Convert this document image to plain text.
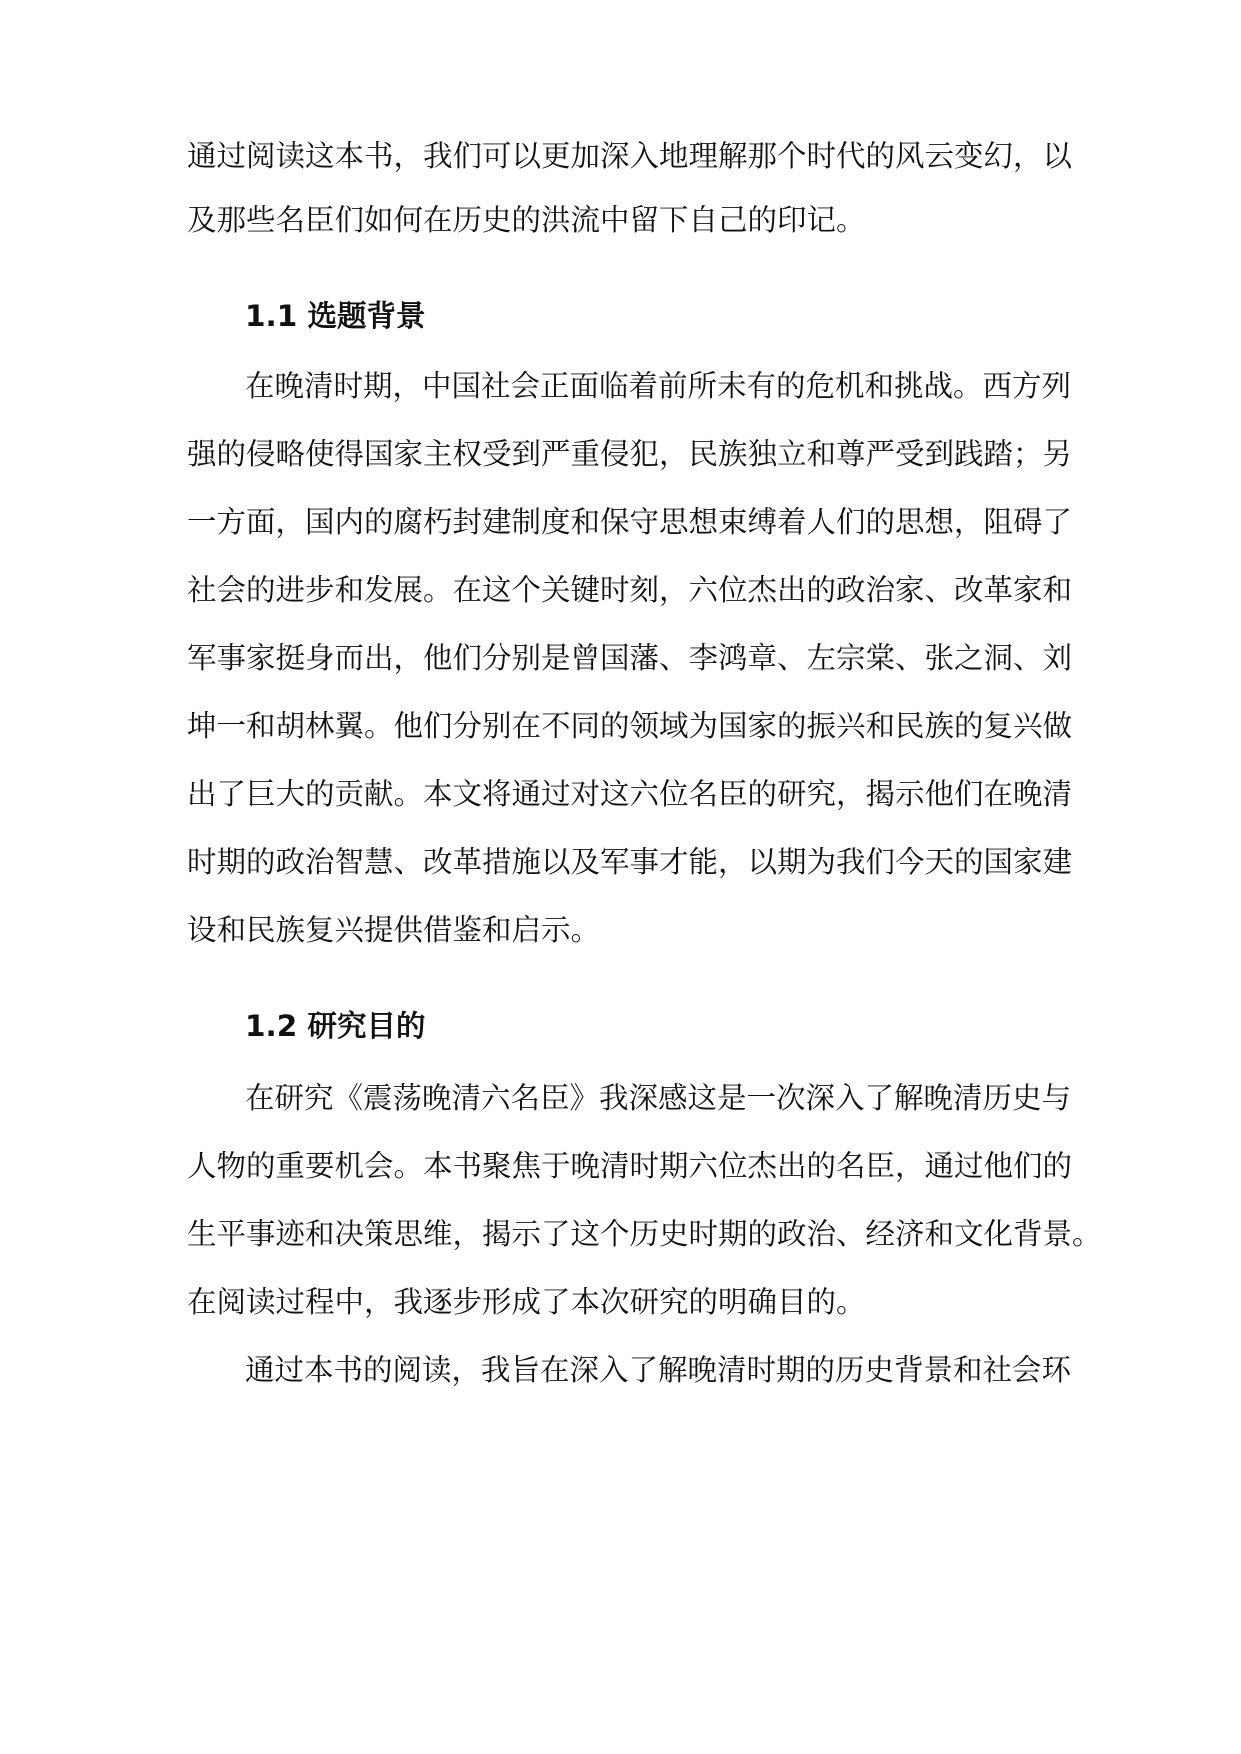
通过阅读这本书，我们可以更加深入地理解那个时代的风云变幻，以
及那些名臣们如何在历史的洪流中留下自己的印记。
1.1 选题背景
在晚清时期，中国社会正面临着前所未有的危机和挑战。西方列
强的侵略使得国家主权受到严重侵犯，民族独立和尊严受到践踏；另
一方面，国内的腐朽封建制度和保守思想束缚着人们的思想，阻碍了
社会的进步和发展。在这个关键时刻，六位杰出的政治家、改革家和
军事家挺身而出，他们分别是曾国藩、李鸿章、左宗棠、张之洞、刘
坤一和胡林翼。他们分别在不同的领域为国家的振兴和民族的复兴做
出了巨大的贡献。本文将通过对这六位名臣的研究，揭示他们在晚清
时期的政治智慧、改革措施以及军事才能，以期为我们今天的国家建
设和民族复兴提供借鉴和启示。
1.2 研究目的
在研究《震荡晚清六名臣》我深感这是一次深入了解晚清历史与
人物的重要机会。本书聚焦于晚清时期六位杰出的名臣，通过他们的
生平事迹和决策思维，揭示了这个历史时期的政治、经济和文化背景。
在阅读过程中，我逐步形成了本次研究的明确目的。
通过本书的阅读，我旨在深入了解晚清时期的历史背景和社会环
